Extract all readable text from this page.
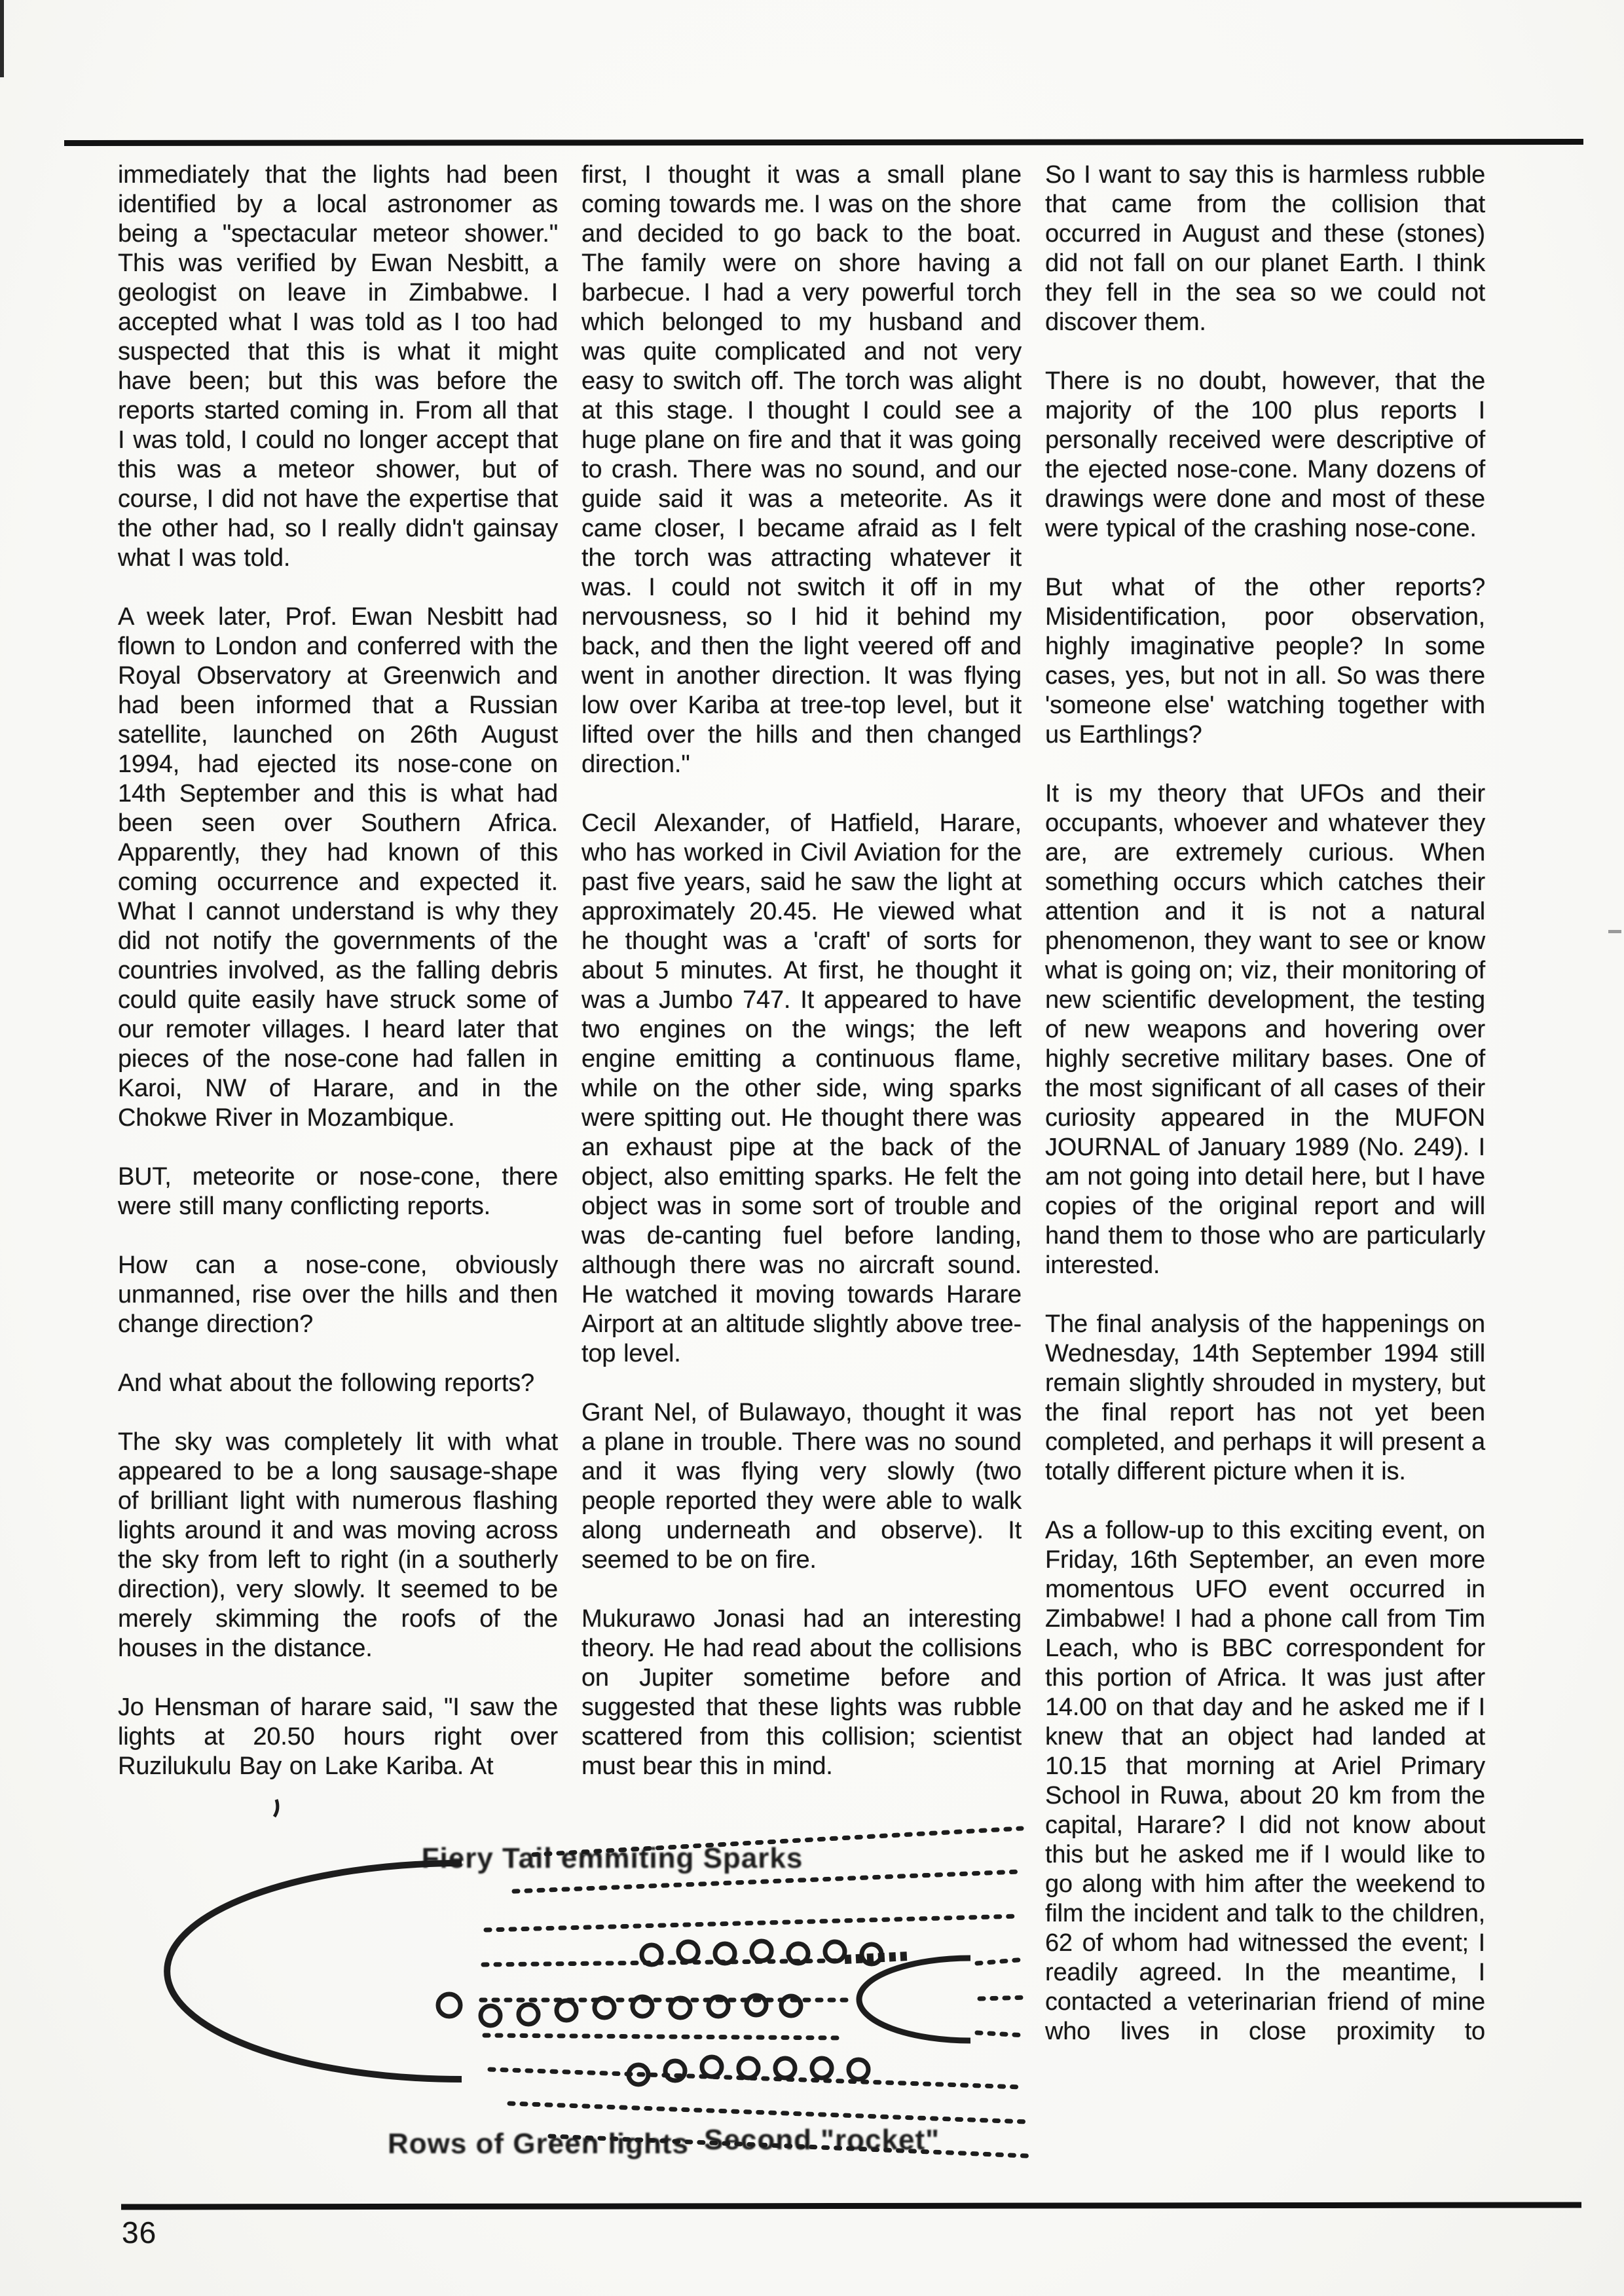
immediately that the lights had been identified by a local astronomer as being a "spectacular meteor shower." This was verified by Ewan Nesbitt, a geologist on leave in Zimbabwe. I accepted what I was told as I too had suspected that this is what it might have been; but this was before the reports started coming in. From all that I was told, I could no longer accept that this was a meteor shower, but of course, I did not have the expertise that the other had, so I really didn't gainsay what I was told.

A week later, Prof. Ewan Nesbitt had flown to London and conferred with the Royal Observatory at Greenwich and had been informed that a Russian satellite, launched on 26th August 1994, had ejected its nose-cone on 14th September and this is what had been seen over Southern Africa. Apparently, they had known of this coming occurrence and expected it. What I cannot understand is why they did not notify the governments of the countries involved, as the falling debris could quite easily have struck some of our remoter villages. I heard later that pieces of the nose-cone had fallen in Karoi, NW of Harare, and in the Chokwe River in Mozambique.

BUT, meteorite or nose-cone, there were still many conflicting reports.

How can a nose-cone, obviously unmanned, rise over the hills and then change direction?

And what about the following reports?

The sky was completely lit with what appeared to be a long sausage-shape of brilliant light with numerous flashing lights around it and was moving across the sky from left to right (in a southerly direction), very slowly. It seemed to be merely skimming the roofs of the houses in the distance.

Jo Hensman of harare said, "I saw the lights at 20.50 hours right over Ruzilukulu Bay on Lake Kariba. At

first, I thought it was a small plane coming towards me. I was on the shore and decided to go back to the boat. The family were on shore having a barbecue. I had a very powerful torch which belonged to my husband and was quite complicated and not very easy to switch off. The torch was alight at this stage. I thought I could see a huge plane on fire and that it was going to crash. There was no sound, and our guide said it was a meteorite. As it came closer, I became afraid as I felt the torch was attracting whatever it was. I could not switch it off in my nervousness, so I hid it behind my back, and then the light veered off and went in another direction. It was flying low over Kariba at tree-top level, but it lifted over the hills and then changed direction."

Cecil Alexander, of Hatfield, Harare, who has worked in Civil Aviation for the past five years, said he saw the light at approximately 20.45. He viewed what he thought was a 'craft' of sorts for about 5 minutes. At first, he thought it was a Jumbo 747. It appeared to have two engines on the wings; the left engine emitting a continuous flame, while on the other side, wing sparks were spitting out. He thought there was an exhaust pipe at the back of the object, also emitting sparks. He felt the object was in some sort of trouble and was de-canting fuel before landing, although there was no aircraft sound. He watched it moving towards Harare Airport at an altitude slightly above tree-top level.

Grant Nel, of Bulawayo, thought it was a plane in trouble. There was no sound and it was flying very slowly (two people reported they were able to walk along underneath and observe). It seemed to be on fire.

Mukurawo Jonasi had an interesting theory. He had read about the collisions on Jupiter sometime before and suggested that these lights was rubble scattered from this collision; scientist must bear this in mind.

So I want to say this is harmless rubble that came from the collision that occurred in August and these (stones) did not fall on our planet Earth. I think they fell in the sea so we could not discover them.

There is no doubt, however, that the majority of the 100 plus reports I personally received were descriptive of the ejected nose-cone. Many dozens of drawings were done and most of these were typical of the crashing nose-cone.

But what of the other reports? Misidentification, poor observation, highly imaginative people? In some cases, yes, but not in all. So was there 'someone else' watching together with us Earthlings?

It is my theory that UFOs and their occupants, whoever and whatever they are, are extremely curious. When something occurs which catches their attention and it is not a natural phenomenon, they want to see or know what is going on; viz, their monitoring of new scientific development, the testing of new weapons and hovering over highly secretive military bases. One of the most significant of all cases of their curiosity appeared in the MUFON JOURNAL of January 1989 (No. 249). I am not going into detail here, but I have copies of the original report and will hand them to those who are particularly interested.

The final analysis of the happenings on Wednesday, 14th September 1994 still remain slightly shrouded in mystery, but the final report has not yet been completed, and perhaps it will present a totally different picture when it is.

As a follow-up to this exciting event, on Friday, 16th September, an even more momentous UFO event occurred in Zimbabwe! I had a phone call from Tim Leach, who is BBC correspondent for this portion of Africa. It was just after 14.00 on that day and he asked me if I knew that an object had landed at 10.15 that morning at Ariel Primary School in Ruwa, about 20 km from the capital, Harare? I did not know about this but he asked me if I would like to go along with him after the weekend to film the incident and talk to the children, 62 of whom had witnessed the event; I readily agreed. In the meantime, I contacted a veterinarian friend of mine who lives in close proximity to

Fiery Tail emmiting Sparks
Rows of Green lights Second "rocket"
36
